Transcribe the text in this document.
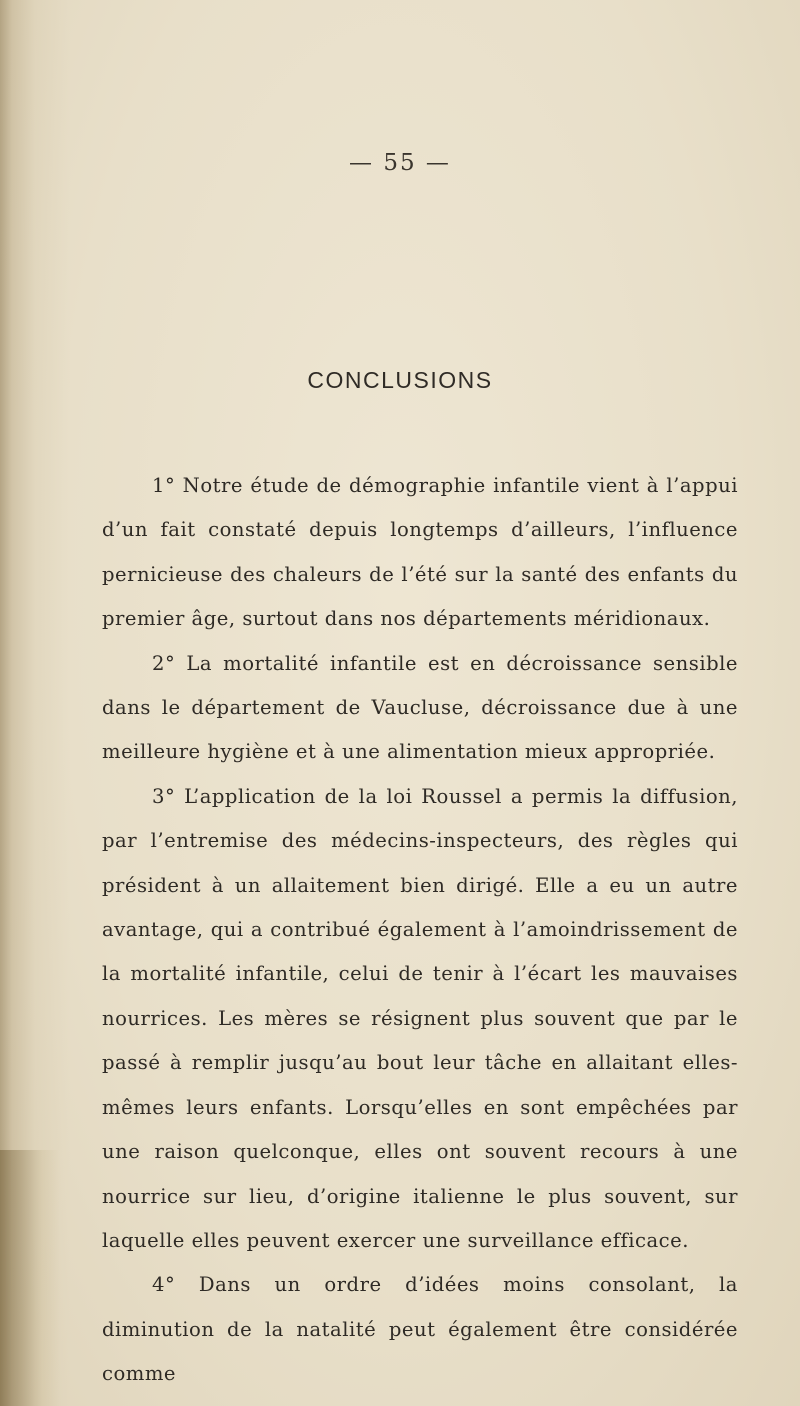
— 55 —
CONCLUSIONS

1° Notre étude de démographie infantile vient à l’appui d’un fait constaté depuis longtemps d’ailleurs, l’influence pernicieuse des chaleurs de l’été sur la santé des enfants du premier âge, surtout dans nos départements méridionaux.

2° La mortalité infantile est en décroissance sensible dans le département de Vaucluse, décroissance due à une meilleure hygiène et à une alimentation mieux appropriée.

3° L’application de la loi Roussel a permis la diffusion, par l’entremise des médecins-inspecteurs, des règles qui président à un allaitement bien dirigé. Elle a eu un autre avantage, qui a contribué également à l’amoindrissement de la mortalité infantile, celui de tenir à l’écart les mauvaises nourrices. Les mères se résignent plus souvent que par le passé à remplir jusqu’au bout leur tâche en allaitant elles-mêmes leurs enfants. Lorsqu’elles en sont empêchées par une raison quelconque, elles ont souvent recours à une nourrice sur lieu, d’origine italienne le plus souvent, sur laquelle elles peuvent exercer une surveillance efficace.

4° Dans un ordre d’idées moins consolant, la diminution de la natalité peut également être considérée comme
